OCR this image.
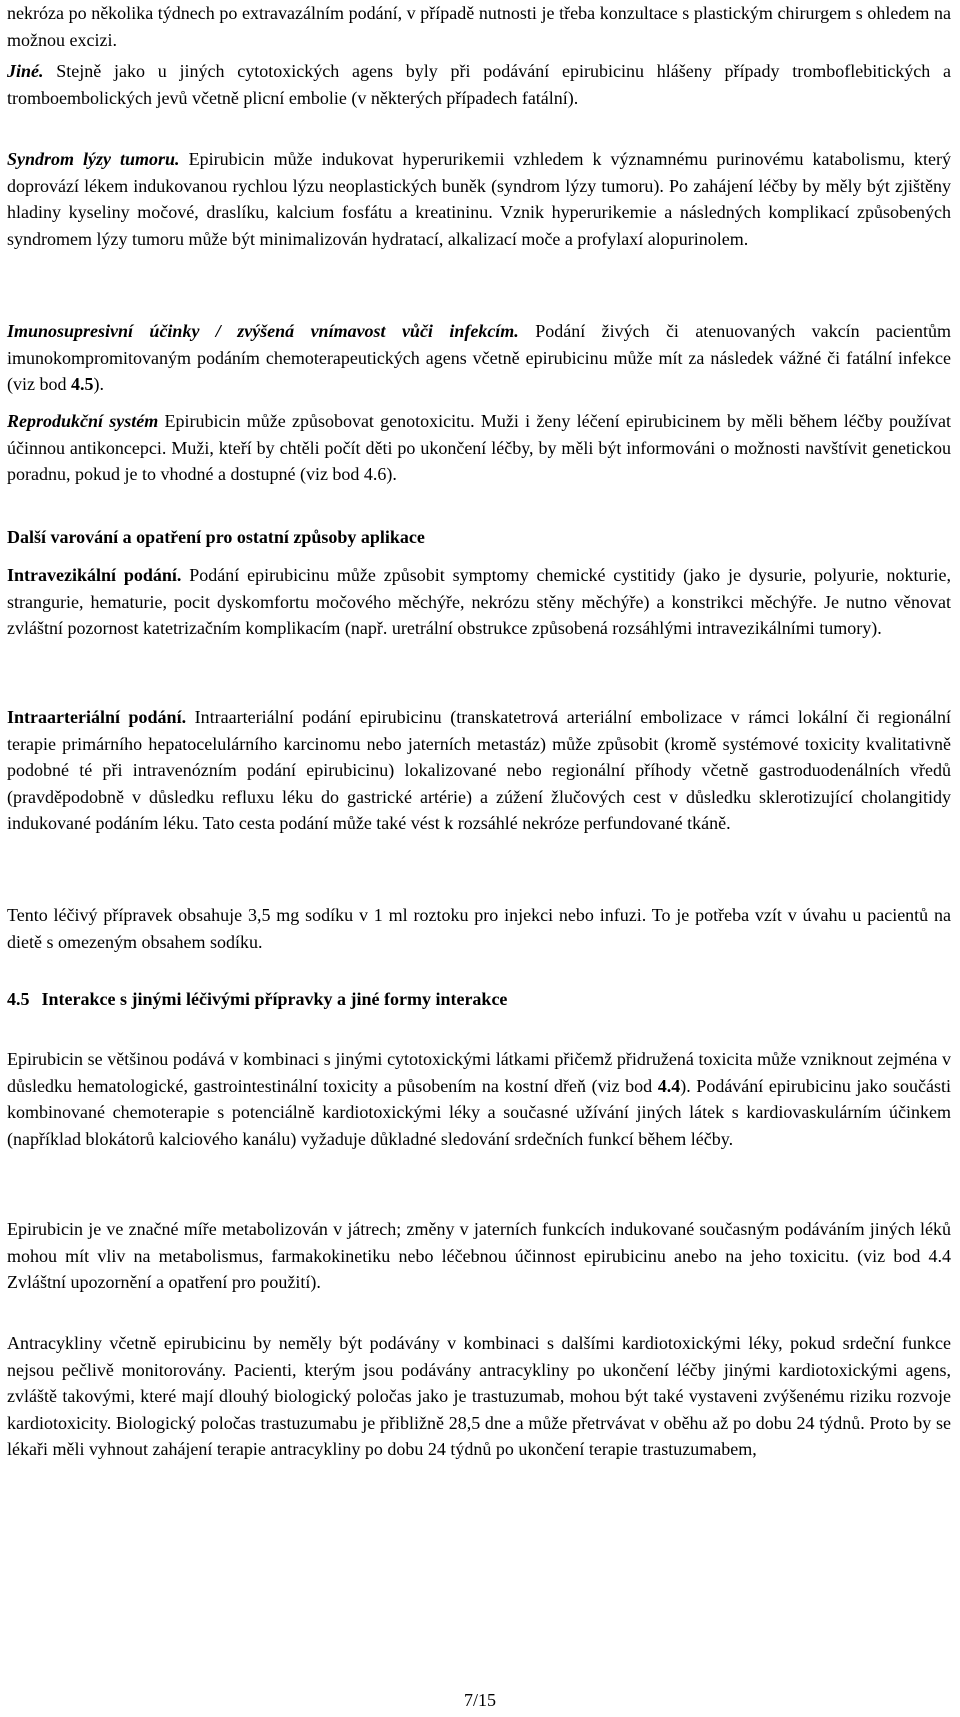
nekróza po několika týdnech po extravazálním podání, v případě nutnosti je třeba konzultace s plastickým chirurgem s ohledem na možnou excizi.

Jiné. Stejně jako u jiných cytotoxických agens byly při podávání epirubicinu hlášeny případy tromboflebitických a tromboembolických jevů včetně plicní embolie (v některých případech fatální).

Syndrom lýzy tumoru. Epirubicin může indukovat hyperurikemii vzhledem k významnému purinovému katabolismu, který doprovází lékem indukovanou rychlou lýzu neoplastických buněk (syndrom lýzy tumoru). Po zahájení léčby by měly být zjištěny hladiny kyseliny močové, draslíku, kalcium fosfátu a kreatininu. Vznik hyperurikemie a následných komplikací způsobených syndromem lýzy tumoru může být minimalizován hydratací, alkalizací moče a profylaxí alopurinolem.

Imunosupresivní účinky / zvýšená vnímavost vůči infekcím. Podání živých či atenuovaných vakcín pacientům imunokompromitovaným podáním chemoterapeutických agens včetně epirubicinu může mít za následek vážné či fatální infekce (viz bod 4.5).

Reprodukční systém Epirubicin může způsobovat genotoxicitu. Muži i ženy léčení epirubicinem by měli během léčby používat účinnou antikoncepci. Muži, kteří by chtěli počít děti po ukončení léčby, by měli být informováni o možnosti navštívit genetickou poradnu, pokud je to vhodné a dostupné (viz bod 4.6).

Další varování a opatření pro ostatní způsoby aplikace

Intravezikální podání. Podání epirubicinu může způsobit symptomy chemické cystitidy (jako je dysurie, polyurie, nokturie, strangurie, hematurie, pocit dyskomfortu močového měchýře, nekrózu stěny měchýře) a konstrikci měchýře. Je nutno věnovat zvláštní pozornost katetrizačním komplikacím (např. uretrální obstrukce způsobená rozsáhlými intravezikálními tumory).

Intraarteriální podání. Intraarteriální podání epirubicinu (transkatetrová arteriální embolizace v rámci lokální či regionální terapie primárního hepatocelulárního karcinomu nebo jaterních metastáz) může způsobit (kromě systémové toxicity kvalitativně podobné té při intravenózním podání epirubicinu) lokalizované nebo regionální příhody včetně gastroduodenálních vředů (pravděpodobně v důsledku refluxu léku do gastrické artérie) a zúžení žlučových cest v důsledku sklerotizující cholangitidy indukované podáním léku. Tato cesta podání může také vést k rozsáhlé nekróze perfundované tkáně.

Tento léčivý přípravek obsahuje 3,5 mg sodíku v 1 ml roztoku pro injekci nebo infuzi. To je potřeba vzít v úvahu u pacientů na dietě s omezeným obsahem sodíku.

4.5 Interakce s jinými léčivými přípravky a jiné formy interakce

Epirubicin se většinou podává v kombinaci s jinými cytotoxickými látkami přičemž přidružená toxicita může vzniknout zejména v důsledku hematologické, gastrointestinální toxicity a působením na kostní dřeň (viz bod 4.4). Podávání epirubicinu jako součásti kombinované chemoterapie s potenciálně kardiotoxickými léky a současné užívání jiných látek s kardiovaskulárním účinkem (například blokátorů kalciového kanálu) vyžaduje důkladné sledování srdečních funkcí během léčby.

Epirubicin je ve značné míře metabolizován v játrech; změny v jaterních funkcích indukované současným podáváním jiných léků mohou mít vliv na metabolismus, farmakokinetiku nebo léčebnou účinnost epirubicinu anebo na jeho toxicitu. (viz bod 4.4 Zvláštní upozornění a opatření pro použití).

Antracykliny včetně epirubicinu by neměly být podávány v kombinaci s dalšími kardiotoxickými léky, pokud srdeční funkce nejsou pečlivě monitorovány. Pacienti, kterým jsou podávány antracykliny po ukončení léčby jinými kardiotoxickými agens, zvláště takovými, které mají dlouhý biologický poločas jako je trastuzumab, mohou být také vystaveni zvýšenému riziku rozvoje kardiotoxicity. Biologický poločas trastuzumabu je přibližně 28,5 dne a může přetrvávat v oběhu až po dobu 24 týdnů. Proto by se lékaři měli vyhnout zahájení terapie antracykliny po dobu 24 týdnů po ukončení terapie trastuzumabem,

7/15
